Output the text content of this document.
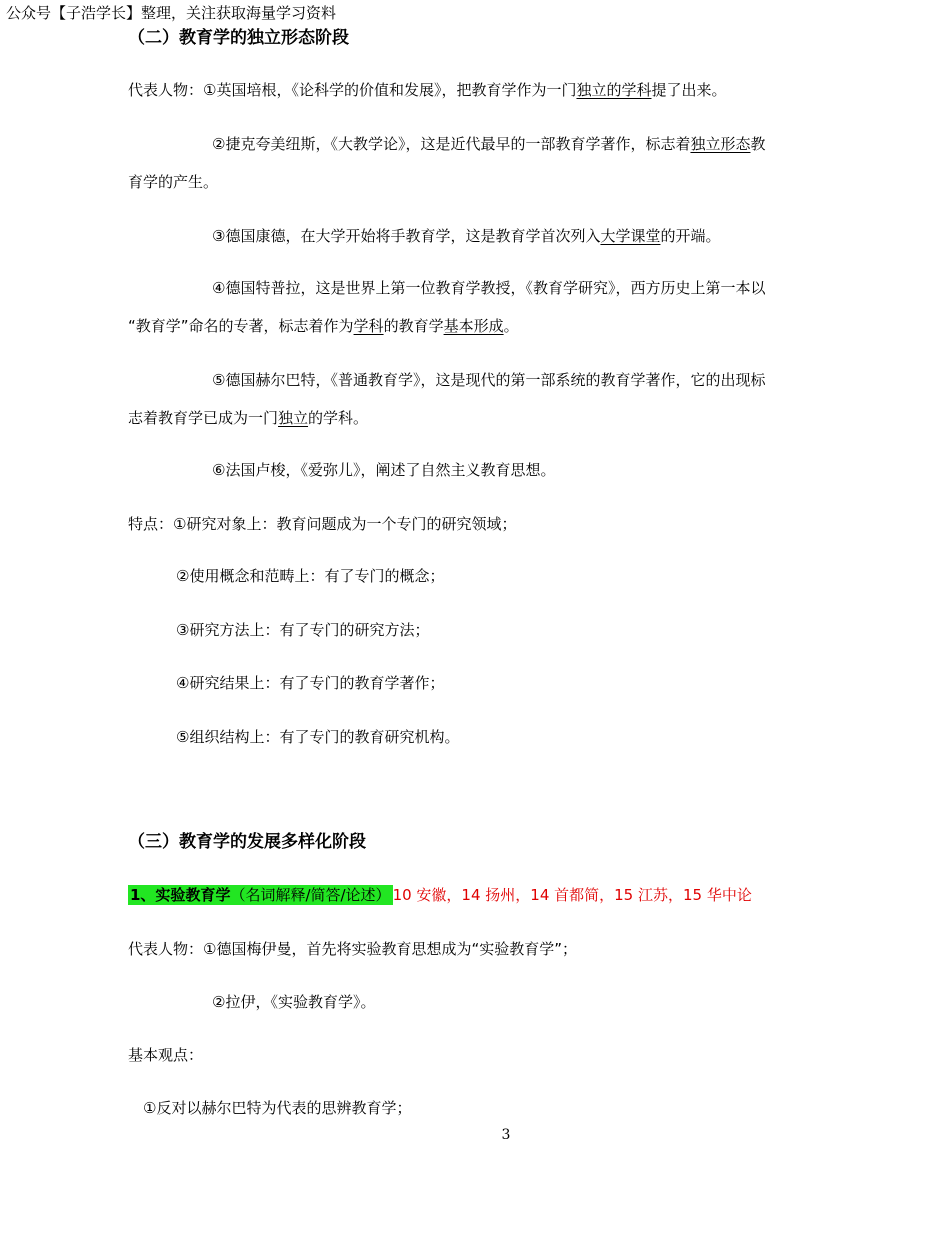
公众号【子浩学长】整理，关注获取海量学习资料
（二）教育学的独立形态阶段
代表人物：①英国培根，《论科学的价值和发展》，把教育学作为一门独立的学科提了出来。
②捷克夸美纽斯，《大教学论》，这是近代最早的一部教育学著作，标志着独立形态教
育学的产生。
③德国康德，在大学开始将手教育学，这是教育学首次列入大学课堂的开端。
④德国特普拉，这是世界上第一位教育学教授，《教育学研究》，西方历史上第一本以
“教育学”命名的专著，标志着作为学科的教育学基本形成。
⑤德国赫尔巴特，《普通教育学》，这是现代的第一部系统的教育学著作，它的出现标
志着教育学已成为一门独立的学科。
⑥法国卢梭，《爱弥儿》，阐述了自然主义教育思想。
特点：①研究对象上：教育问题成为一个专门的研究领域；
②使用概念和范畴上：有了专门的概念；
③研究方法上：有了专门的研究方法；
④研究结果上：有了专门的教育学著作；
⑤组织结构上：有了专门的教育研究机构。
（三）教育学的发展多样化阶段
1、实验教育学（名词解释/简答/论述） 10 安徽，14 扬州，14 首都简，15 江苏，15 华中论
代表人物：①德国梅伊曼，首先将实验教育思想成为“实验教育学”；
②拉伊，《实验教育学》。
基本观点：
①反对以赫尔巴特为代表的思辨教育学；
3
